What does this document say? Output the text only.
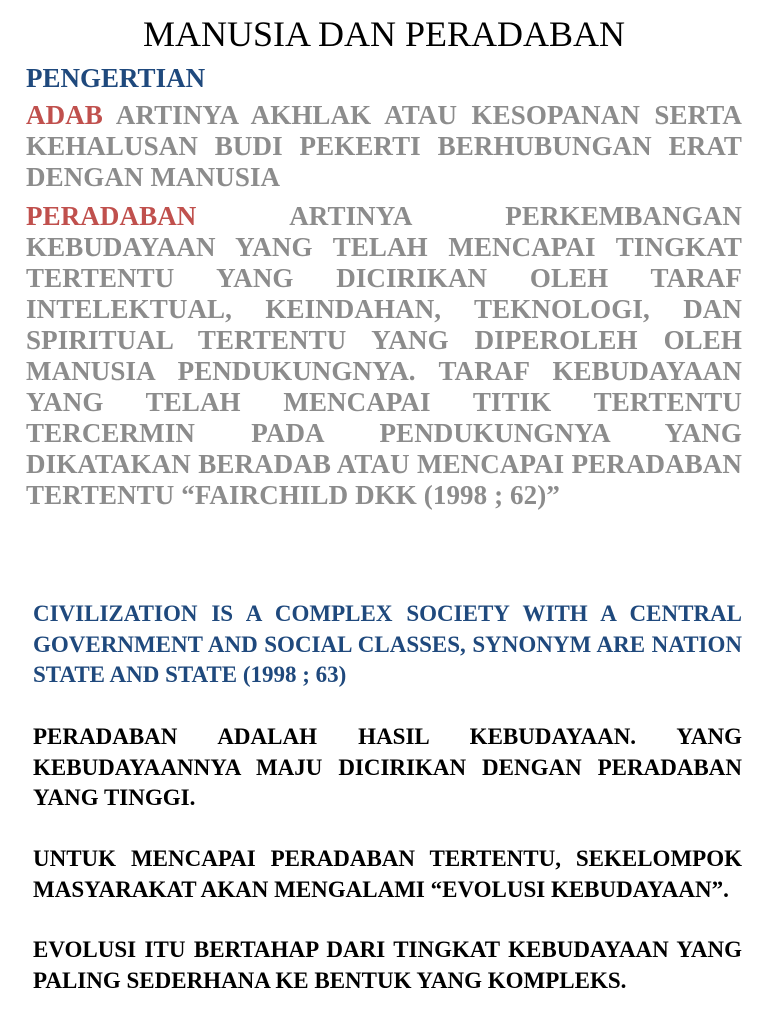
MANUSIA DAN PERADABAN
PENGERTIAN

ADAB ARTINYA AKHLAK ATAU KESOPANAN SERTA KEHALUSAN BUDI PEKERTI BERHUBUNGAN ERAT DENGAN MANUSIA

PERADABAN ARTINYA PERKEMBANGAN KEBUDAYAAN YANG TELAH MENCAPAI TINGKAT TERTENTU YANG DICIRIKAN OLEH TARAF INTELEKTUAL, KEINDAHAN, TEKNOLOGI, DAN SPIRITUAL TERTENTU YANG DIPEROLEH OLEH MANUSIA PENDUKUNGNYA. TARAF KEBUDAYAAN YANG TELAH MENCAPAI TITIK TERTENTU TERCERMIN PADA PENDUKUNGNYA YANG DIKATAKAN BERADAB ATAU MENCAPAI PERADABAN TERTENTU “FAIRCHILD DKK (1998 ; 62)”

CIVILIZATION IS A COMPLEX SOCIETY WITH A CENTRAL GOVERNMENT AND SOCIAL CLASSES, SYNONYM ARE NATION STATE AND STATE (1998 ; 63)

PERADABAN ADALAH HASIL KEBUDAYAAN. YANG KEBUDAYAANNYA MAJU DICIRIKAN DENGAN PERADABAN YANG TINGGI.

UNTUK MENCAPAI PERADABAN TERTENTU, SEKELOMPOK MASYARAKAT AKAN MENGALAMI “EVOLUSI KEBUDAYAAN”.

EVOLUSI ITU BERTAHAP DARI TINGKAT KEBUDAYAAN YANG PALING SEDERHANA KE BENTUK YANG KOMPLEKS.
